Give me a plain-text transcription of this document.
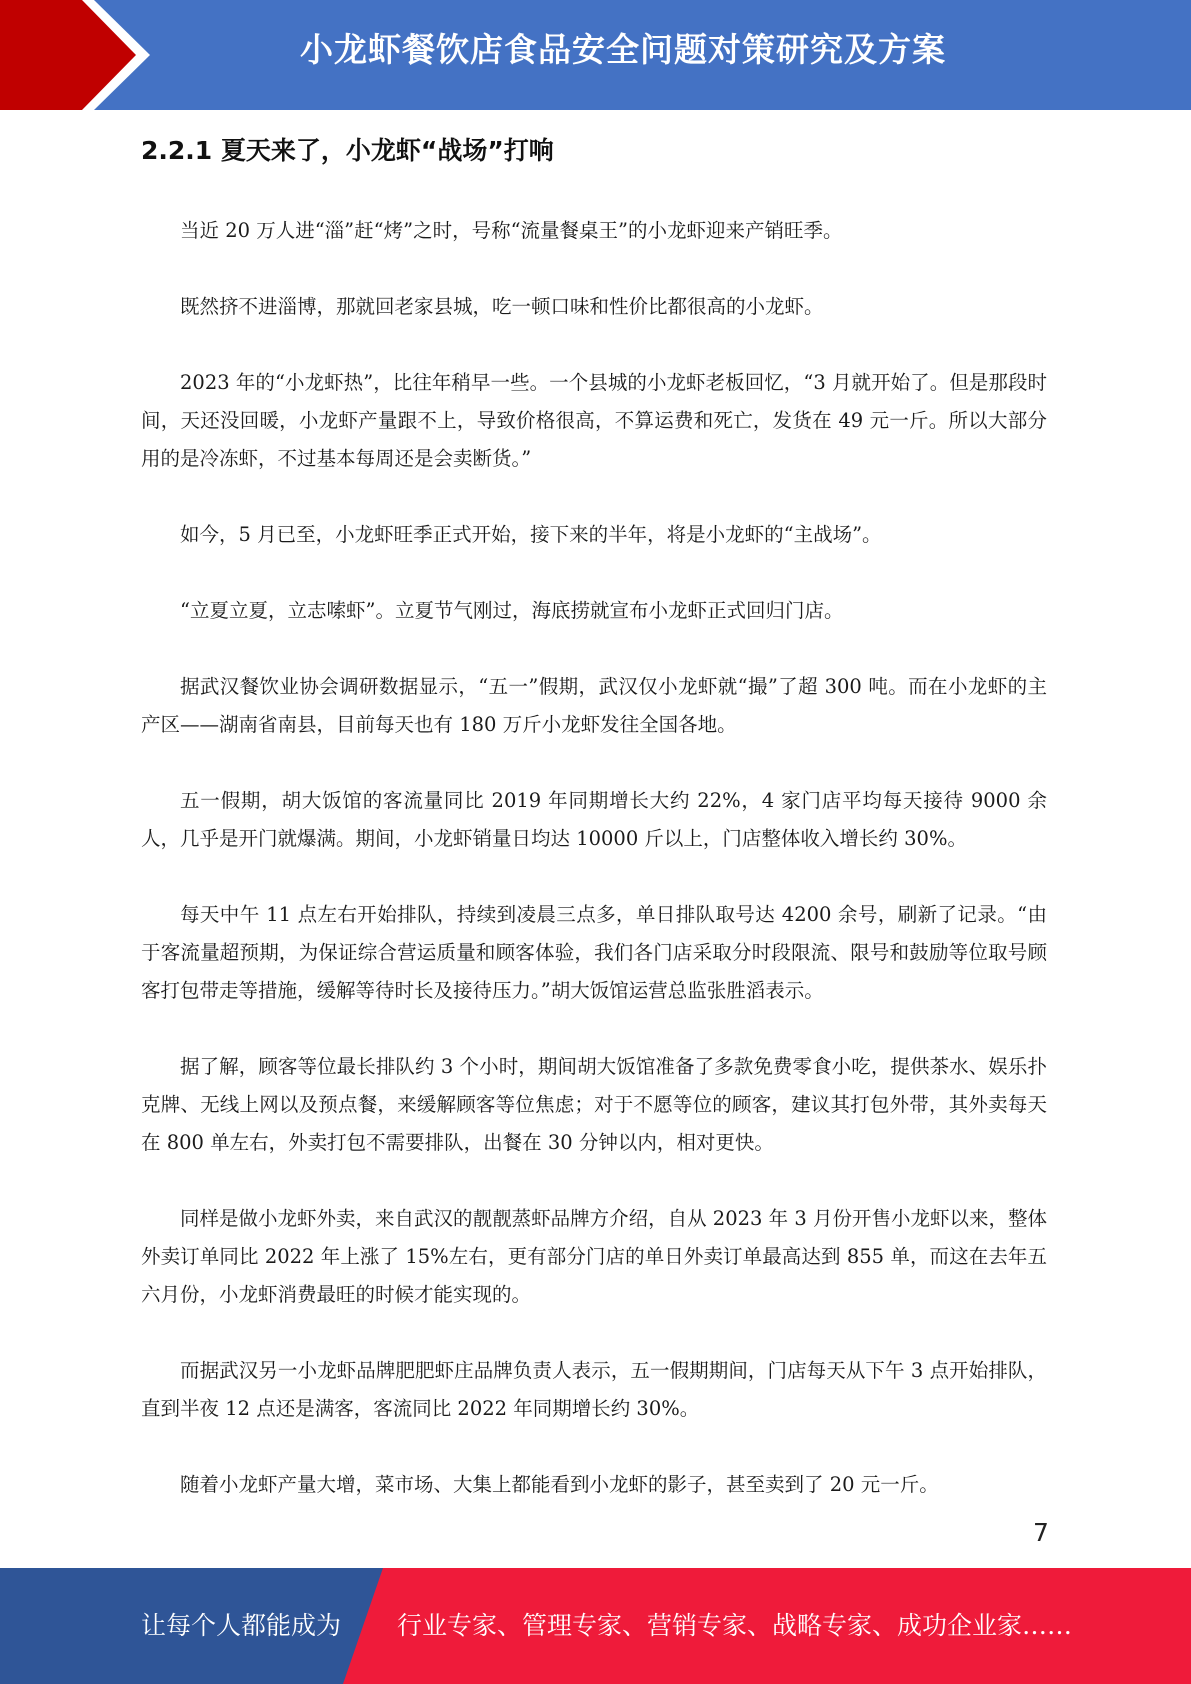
小龙虾餐饮店食品安全问题对策研究及方案
2.2.1 夏天来了，小龙虾“战场”打响

当近 20 万人进“淄”赶“烤”之时，号称“流量餐桌王”的小龙虾迎来产销旺季。

既然挤不进淄博，那就回老家县城，吃一顿口味和性价比都很高的小龙虾。

2023 年的“小龙虾热”，比往年稍早一些。一个县城的小龙虾老板回忆，“3 月就开始了。但是那段时间，天还没回暖，小龙虾产量跟不上，导致价格很高，不算运费和死亡，发货在 49 元一斤。所以大部分用的是冷冻虾，不过基本每周还是会卖断货。”

如今，5 月已至，小龙虾旺季正式开始，接下来的半年，将是小龙虾的“主战场”。

“立夏立夏，立志嗦虾”。立夏节气刚过，海底捞就宣布小龙虾正式回归门店。

据武汉餐饮业协会调研数据显示，“五一”假期，武汉仅小龙虾就“撮”了超 300 吨。而在小龙虾的主产区——湖南省南县，目前每天也有 180 万斤小龙虾发往全国各地。

五一假期，胡大饭馆的客流量同比 2019 年同期增长大约 22%，4 家门店平均每天接待 9000 余人，几乎是开门就爆满。期间，小龙虾销量日均达 10000 斤以上，门店整体收入增长约 30%。

每天中午 11 点左右开始排队，持续到凌晨三点多，单日排队取号达 4200 余号，刷新了记录。“由于客流量超预期，为保证综合营运质量和顾客体验，我们各门店采取分时段限流、限号和鼓励等位取号顾客打包带走等措施，缓解等待时长及接待压力。”胡大饭馆运营总监张胜滔表示。

据了解，顾客等位最长排队约 3 个小时，期间胡大饭馆准备了多款免费零食小吃，提供茶水、娱乐扑克牌、无线上网以及预点餐，来缓解顾客等位焦虑；对于不愿等位的顾客，建议其打包外带，其外卖每天在 800 单左右，外卖打包不需要排队，出餐在 30 分钟以内，相对更快。

同样是做小龙虾外卖，来自武汉的靓靓蒸虾品牌方介绍，自从 2023 年 3 月份开售小龙虾以来，整体外卖订单同比 2022 年上涨了 15%左右，更有部分门店的单日外卖订单最高达到 855 单，而这在去年五六月份，小龙虾消费最旺的时候才能实现的。

而据武汉另一小龙虾品牌肥肥虾庄品牌负责人表示，五一假期期间，门店每天从下午 3 点开始排队，直到半夜 12 点还是满客，客流同比 2022 年同期增长约 30%。

随着小龙虾产量大增，菜市场、大集上都能看到小龙虾的影子，甚至卖到了 20 元一斤。

7
让每个人都能成为 行业专家、管理专家、营销专家、战略专家、成功企业家……
